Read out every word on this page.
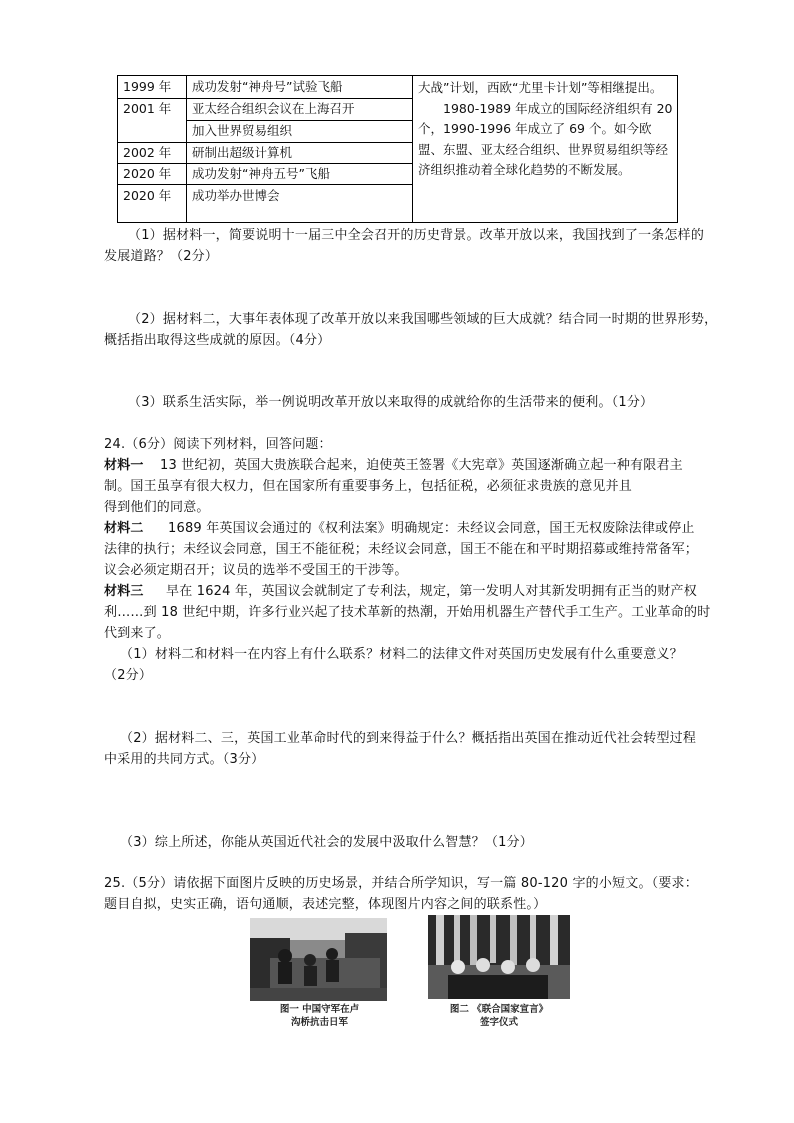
1999 年 成功发射“神舟号”试验飞船
2001 年 亚太经合组织会议在上海召开
加入世界贸易组织
2002 年 研制出超级计算机
2020 年 成功发射“神舟五号”飞船
2020 年 成功举办世博会

大战”计划，西欧“尤里卡计划”等相继提出。

1980-1989 年成立的国际经济组织有 20 个，1990-1996 年成立了 69 个。如今欧盟、东盟、亚太经合组织、世界贸易组织等经济组织推动着全球化趋势的不断发展。

（1）据材料一，简要说明十一届三中全会召开的历史背景。改革开放以来，我国找到了一条怎样的
发展道路？（2分）
（2）据材料二，大事年表体现了改革开放以来我国哪些领域的巨大成就？结合同一时期的世界形势，
概括指出取得这些成就的原因。（4分）
（3）联系生活实际，举一例说明改革开放以来取得的成就给你的生活带来的便利。（1分）
24.（6分）阅读下列材料，回答问题：
材料一 13 世纪初，英国大贵族联合起来，迫使英王签署《大宪章》英国逐渐确立起一种有限君主
制。国王虽享有很大权力，但在国家所有重要事务上，包括征税，必须征求贵族的意见并且
得到他们的同意。
材料二 1689 年英国议会通过的《权利法案》明确规定：未经议会同意，国王无权废除法律或停止
法律的执行；未经议会同意，国王不能征税；未经议会同意，国王不能在和平时期招募或维持常备军；
议会必须定期召开；议员的选举不受国王的干涉等。
材料三 早在 1624 年，英国议会就制定了专利法，规定，第一发明人对其新发明拥有正当的财产权
利……到 18 世纪中期，许多行业兴起了技术革新的热潮，开始用机器生产替代手工生产。工业革命的时
代到来了。
（1）材料二和材料一在内容上有什么联系？材料二的法律文件对英国历史发展有什么重要意义？
（2分）
（2）据材料二、三，英国工业革命时代的到来得益于什么？概括指出英国在推动近代社会转型过程
中采用的共同方式。（3分）
（3）综上所述，你能从英国近代社会的发展中汲取什么智慧？（1分）
25.（5分）请依据下面图片反映的历史场景，并结合所学知识，写一篇 80-120 字的小短文。（要求：
题目自拟，史实正确，语句通顺，表述完整，体现图片内容之间的联系性。）
图一 中国守军在卢
沟桥抗击日军
图二 《联合国家宣言》
签字仪式
